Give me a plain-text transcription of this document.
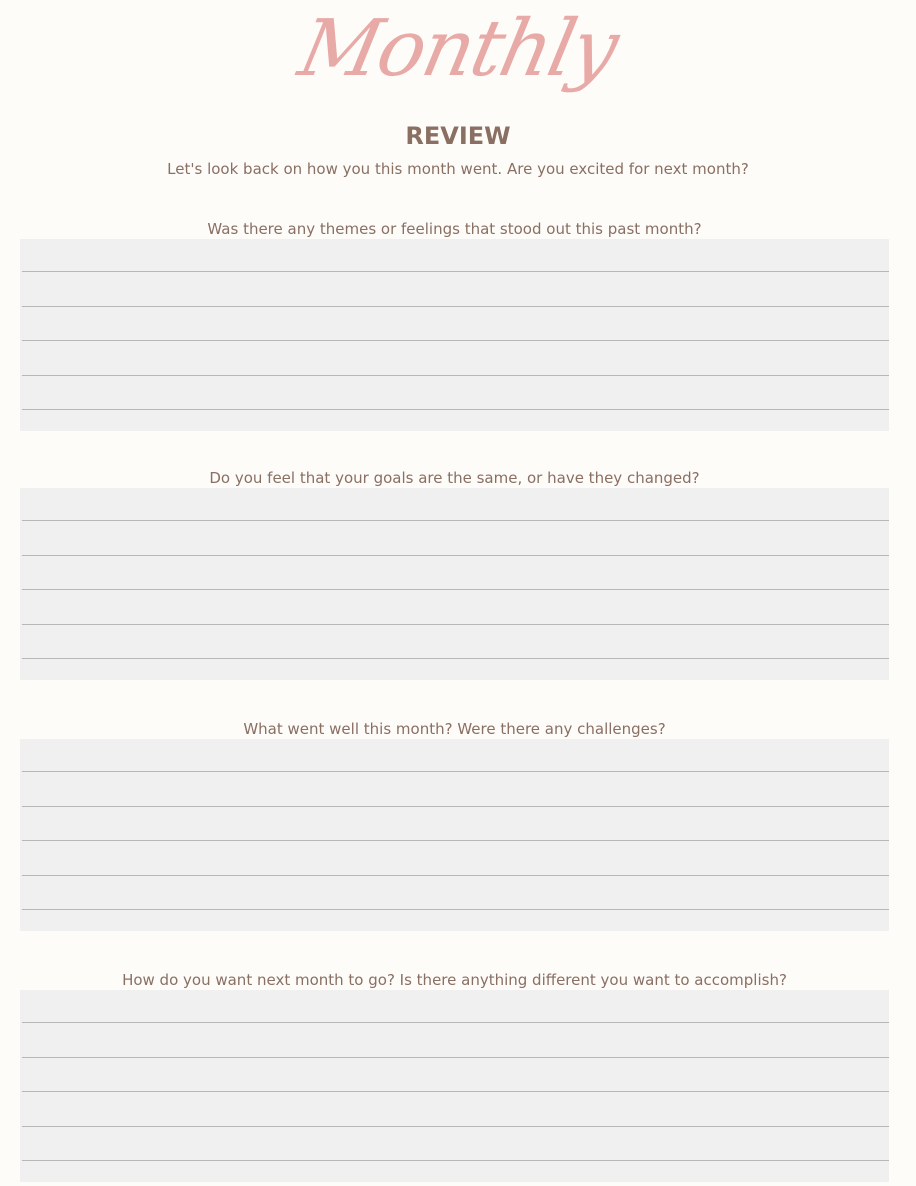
Monthly
REVIEW
Let's look back on how you this month went. Are you excited for next month?
Was there any themes or feelings that stood out this past month?
Do you feel that your goals are the same, or have they changed?
What went well this month? Were there any challenges?
How do you want next month to go? Is there anything different you want to accomplish?
